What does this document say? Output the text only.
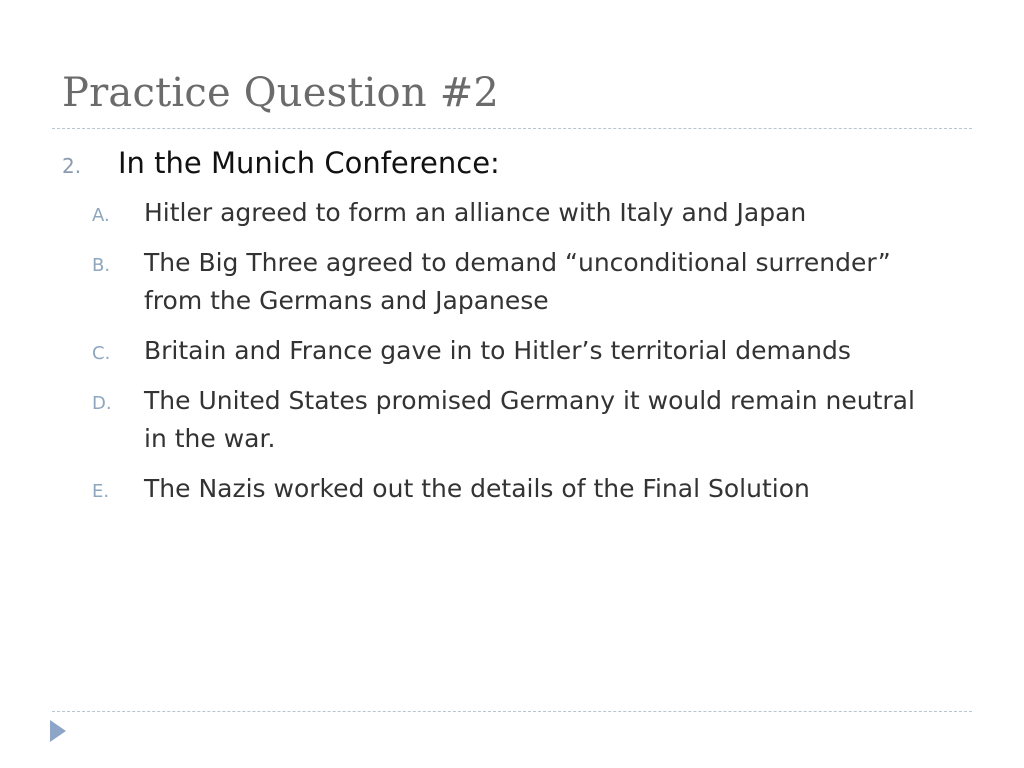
Practice Question #2
2.	In the Munich Conference:
A.	Hitler agreed to form an alliance with Italy and Japan
B.	The Big Three agreed to demand “unconditional surrender” from the Germans and Japanese
C.	Britain and France gave in to Hitler’s territorial demands
D.	The United States promised Germany it would remain neutral in the war.
E.	The Nazis worked out the details of the Final Solution
